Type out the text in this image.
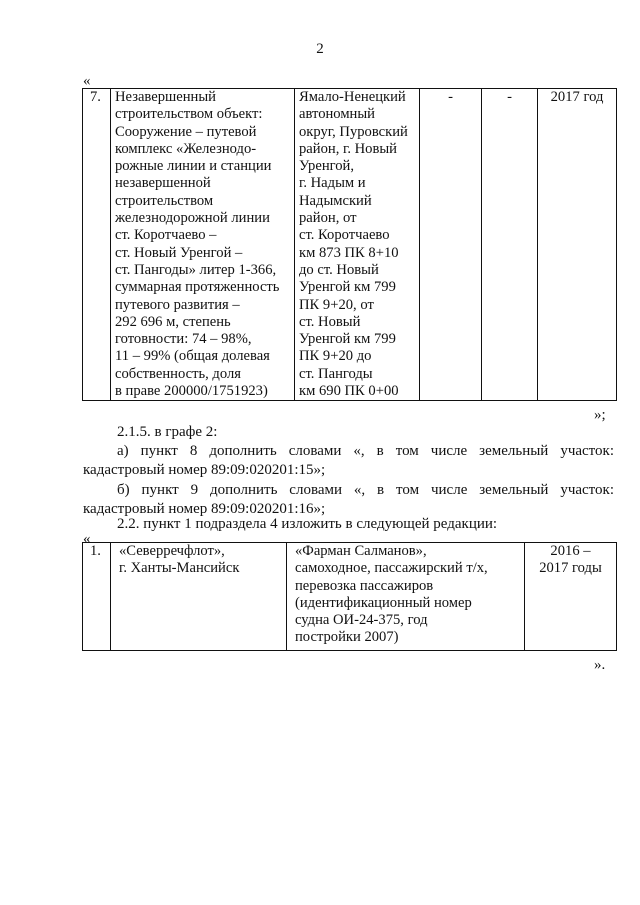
2
«
7.	Незавершенный
строительством объект:
Сооружение – путевой
комплекс «Железнодо-
рожные линии и станции
незавершенной
строительством
железнодорожной линии
ст. Коротчаево –
ст. Новый Уренгой –
ст. Пангоды» литер 1-366,
суммарная протяженность
путевого развития –
292 696 м, степень
готовности: 74 – 98%,
11 – 99% (общая долевая
собственность, доля
в праве 200000/1751923)	Ямало-Ненецкий
автономный
округ, Пуровский
район, г. Новый
Уренгой,
г. Надым и
Надымский
район, от
ст. Коротчаево
км 873 ПК 8+10
до ст. Новый
Уренгой км 799
ПК 9+20, от
ст. Новый
Уренгой км 799
ПК 9+20 до
ст. Пангоды
км 690 ПК 0+00	-	-	2017 год
»;
2.1.5. в графе 2:
а) пункт 8 дополнить словами «, в том числе земельный участок:
кадастровый номер 89:09:020201:15»;
б) пункт 9 дополнить словами «, в том числе земельный участок:
кадастровый номер 89:09:020201:16»;
2.2. пункт 1 подраздела 4 изложить в следующей редакции:
«
1.	«Северречфлот»,
г. Ханты-Мансийск	«Фарман Салманов»,
самоходное, пассажирский т/х,
перевозка пассажиров
(идентификационный номер
судна ОИ-24-375, год
постройки 2007)	2016 –
2017 годы
».
